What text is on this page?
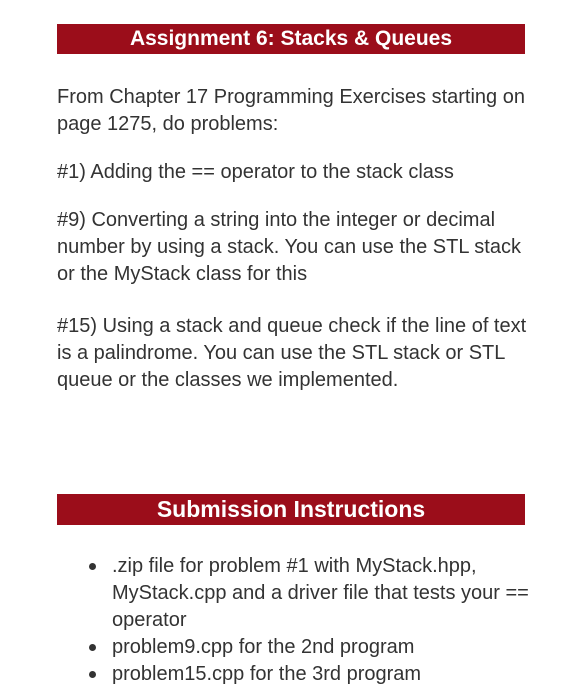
Assignment 6: Stacks & Queues

From Chapter 17 Programming Exercises starting on page 1275, do problems:

#1) Adding the == operator to the stack class

#9) Converting a string into the integer or decimal number by using a stack. You can use the STL stack or the MyStack class for this

#15) Using a stack and queue check if the line of text is a palindrome. You can use the STL stack or STL queue or the classes we implemented.

Submission Instructions
.zip file for problem #1 with MyStack.hpp, MyStack.cpp and a driver file that tests your == operator
problem9.cpp for the 2nd program
problem15.cpp for the 3rd program
